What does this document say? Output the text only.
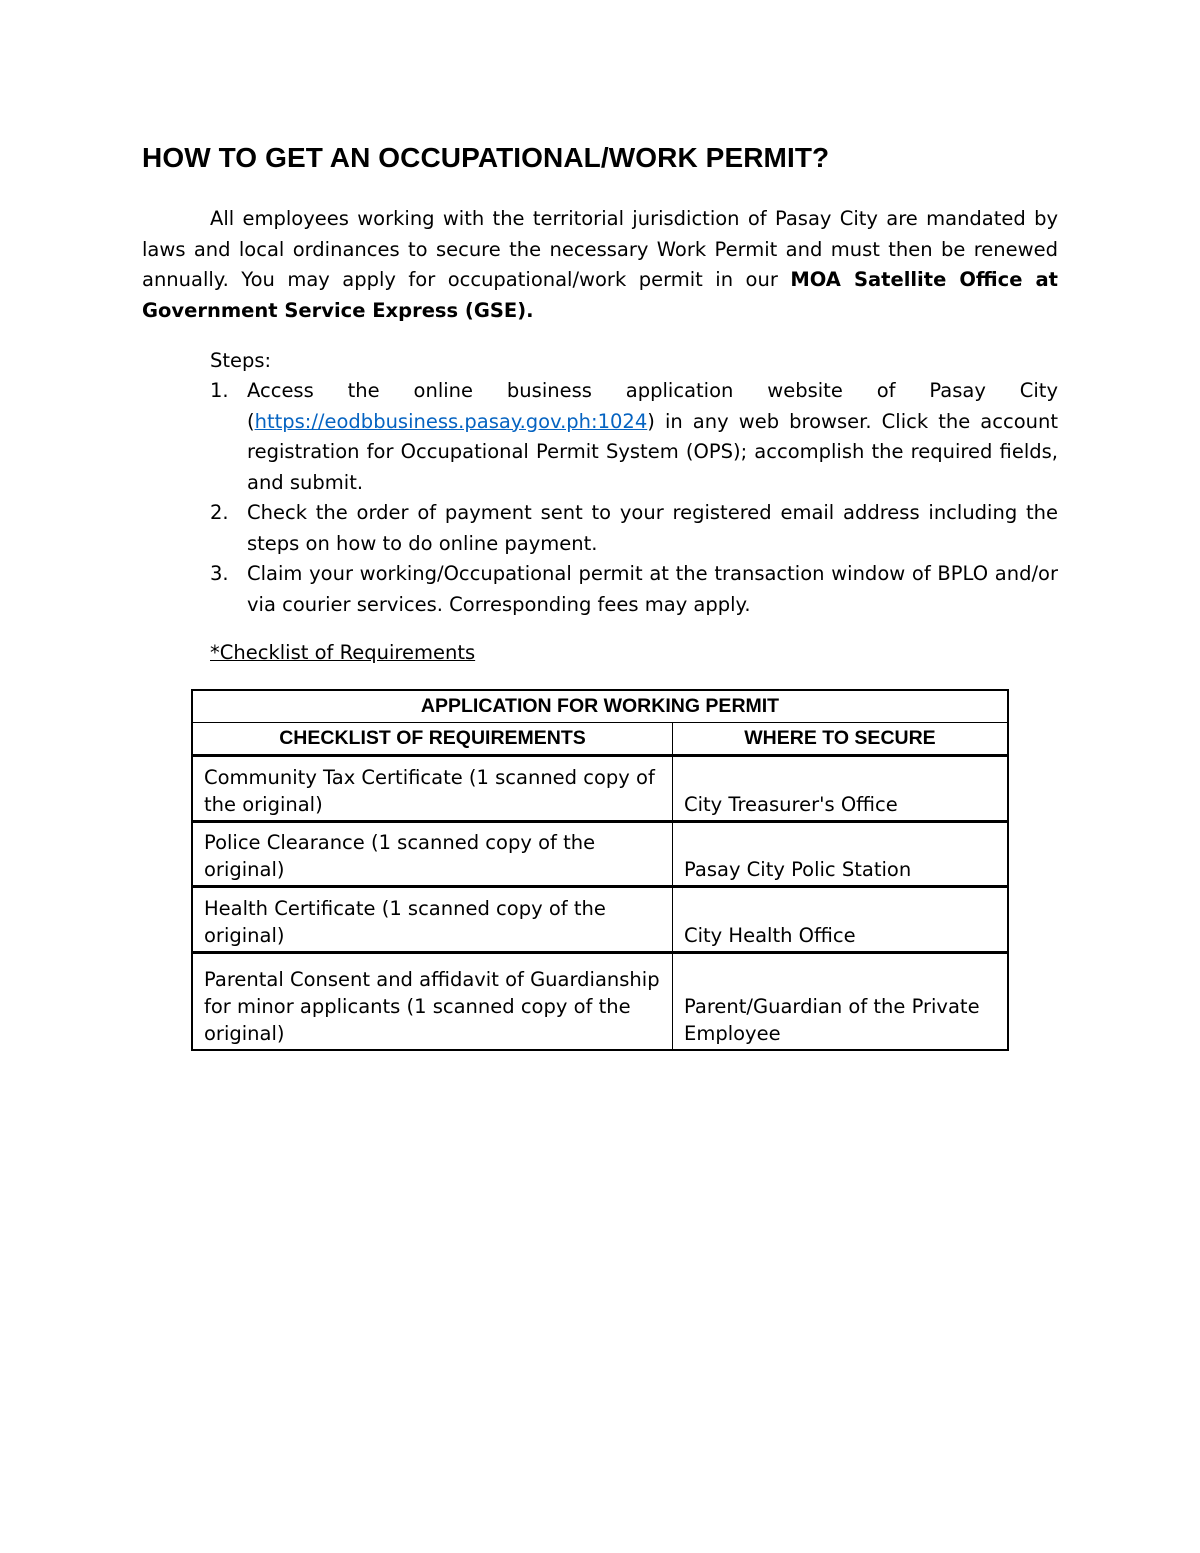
HOW TO GET AN OCCUPATIONAL/WORK PERMIT?

All employees working with the territorial jurisdiction of Pasay City are mandated by laws and local ordinances to secure the necessary Work Permit and must then be renewed annually. You may apply for occupational/work permit in our MOA Satellite Office at Government Service Express (GSE).

Steps:
1. Access the online business application website of Pasay City (https://eodbbusiness.pasay.gov.ph:1024) in any web browser. Click the account registration for Occupational Permit System (OPS); accomplish the required fields, and submit.
2. Check the order of payment sent to your registered email address including the steps on how to do online payment.
3. Claim your working/Occupational permit at the transaction window of BPLO and/or via courier services. Corresponding fees may apply.
*Checklist of Requirements
APPLICATION FOR WORKING PERMIT	
CHECKLIST OF REQUIREMENTS	WHERE TO SECURE
Community Tax Certificate (1 scanned copy of the original)	City Treasurer's Office
Police Clearance (1 scanned copy of the original)	Pasay City Polic Station
Health Certificate (1 scanned copy of the original)	City Health Office
Parental Consent and affidavit of Guardianship for minor applicants (1 scanned copy of the original)	Parent/Guardian of the Private Employee
